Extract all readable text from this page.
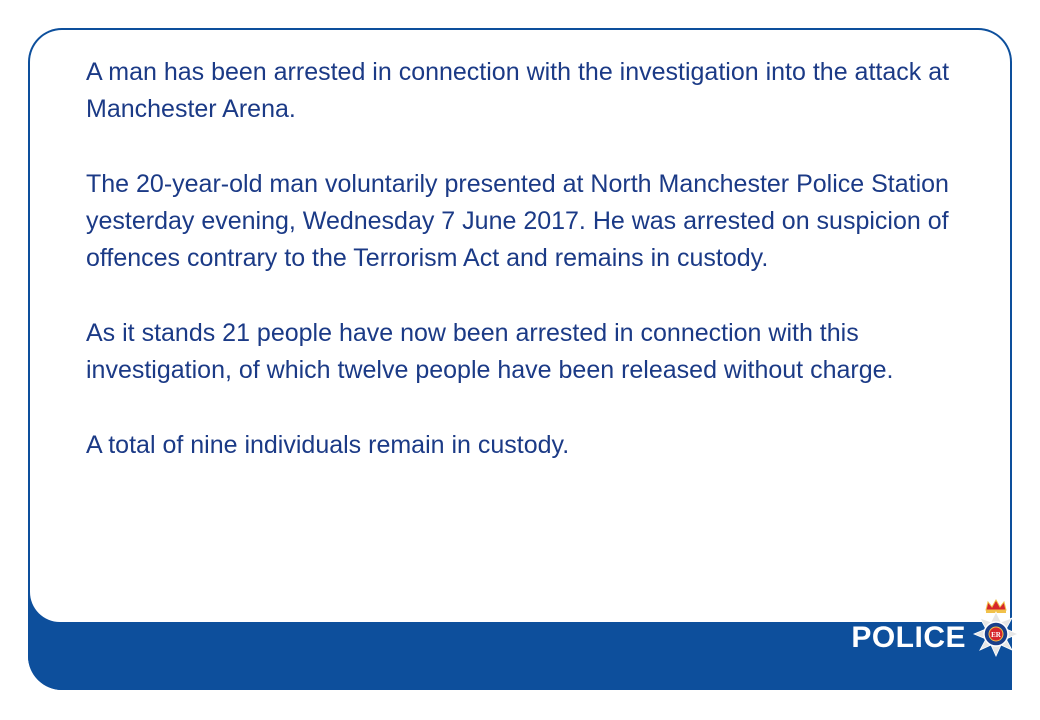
A man has been arrested in connection with the investigation into the attack at Manchester Arena.

The 20-year-old man voluntarily presented at North Manchester Police Station yesterday evening, Wednesday 7 June 2017. He was arrested on suspicion of offences contrary to the Terrorism Act and remains in custody.

As it stands 21 people have now been arrested in connection with this investigation, of which twelve people have been released without charge.

A total of nine individuals remain in custody.

GREATER MANCHESTER
POLICE	ER
